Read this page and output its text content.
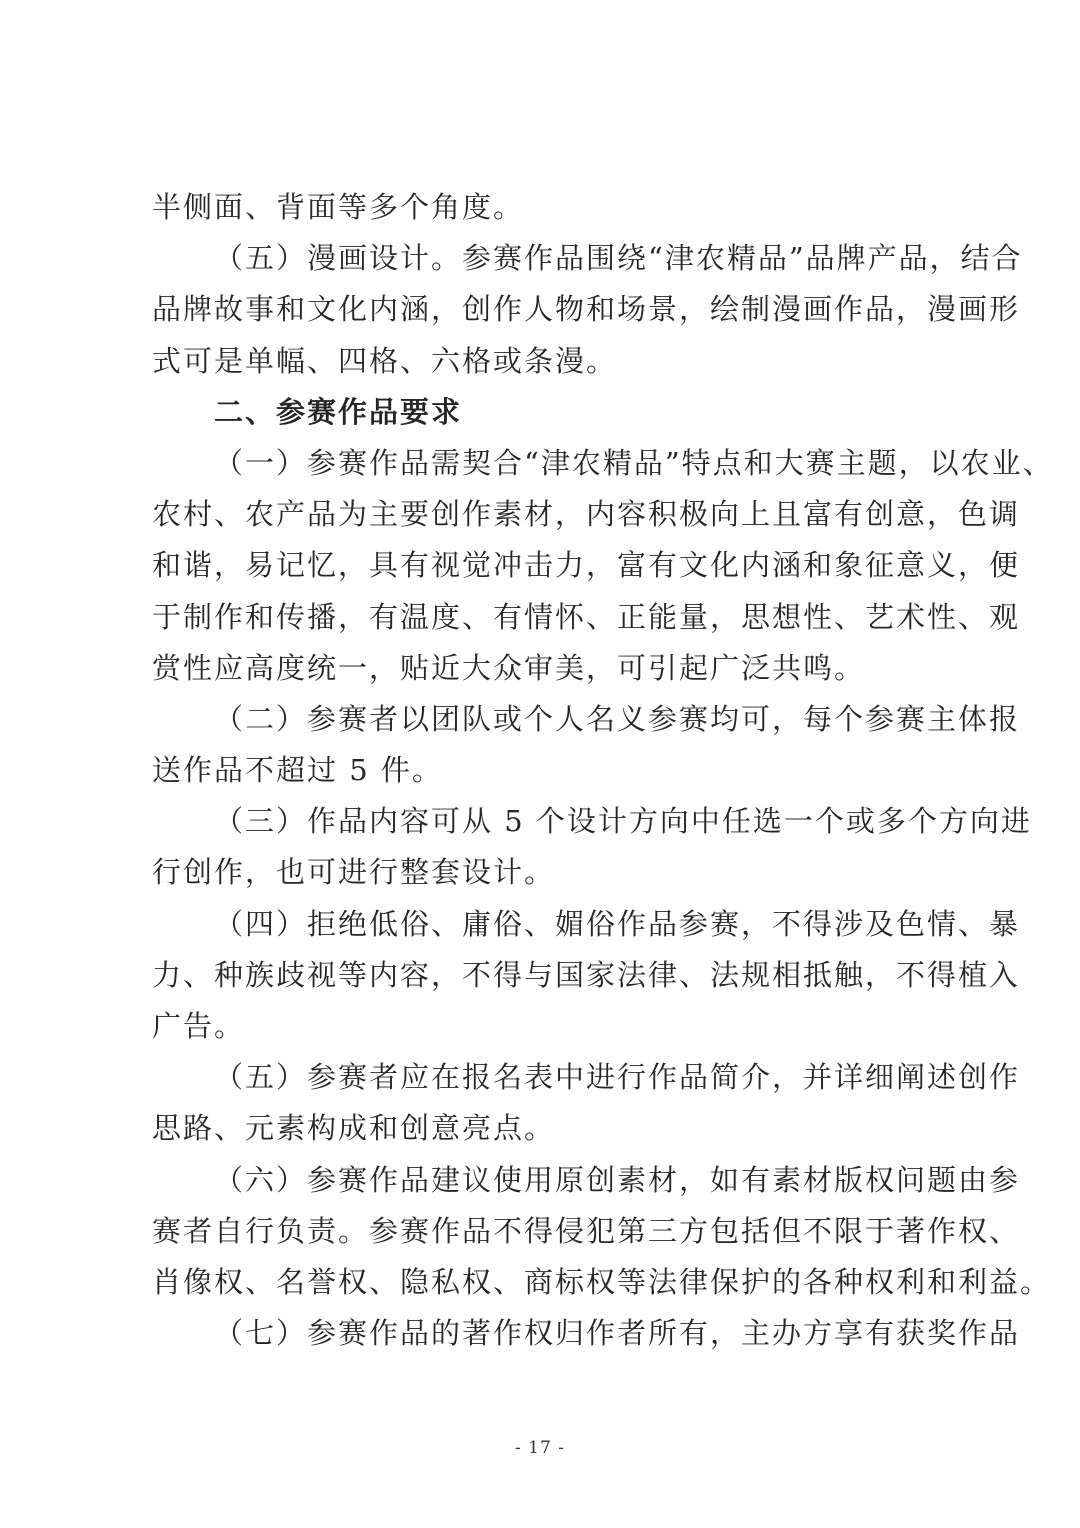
半侧面、背面等多个角度。
（五）漫画设计。参赛作品围绕“津农精品”品牌产品，结合
品牌故事和文化内涵，创作人物和场景，绘制漫画作品，漫画形
式可是单幅、四格、六格或条漫。
二、参赛作品要求
（一）参赛作品需契合“津农精品”特点和大赛主题，以农业、
农村、农产品为主要创作素材，内容积极向上且富有创意，色调
和谐，易记忆，具有视觉冲击力，富有文化内涵和象征意义，便
于制作和传播，有温度、有情怀、正能量，思想性、艺术性、观
赏性应高度统一，贴近大众审美，可引起广泛共鸣。
（二）参赛者以团队或个人名义参赛均可，每个参赛主体报
送作品不超过 5 件。
（三）作品内容可从 5 个设计方向中任选一个或多个方向进
行创作，也可进行整套设计。
（四）拒绝低俗、庸俗、媚俗作品参赛，不得涉及色情、暴
力、种族歧视等内容，不得与国家法律、法规相抵触，不得植入
广告。
（五）参赛者应在报名表中进行作品简介，并详细阐述创作
思路、元素构成和创意亮点。
（六）参赛作品建议使用原创素材，如有素材版权问题由参
赛者自行负责。参赛作品不得侵犯第三方包括但不限于著作权、
肖像权、名誉权、隐私权、商标权等法律保护的各种权利和利益。
（七）参赛作品的著作权归作者所有，主办方享有获奖作品
- 17 -
